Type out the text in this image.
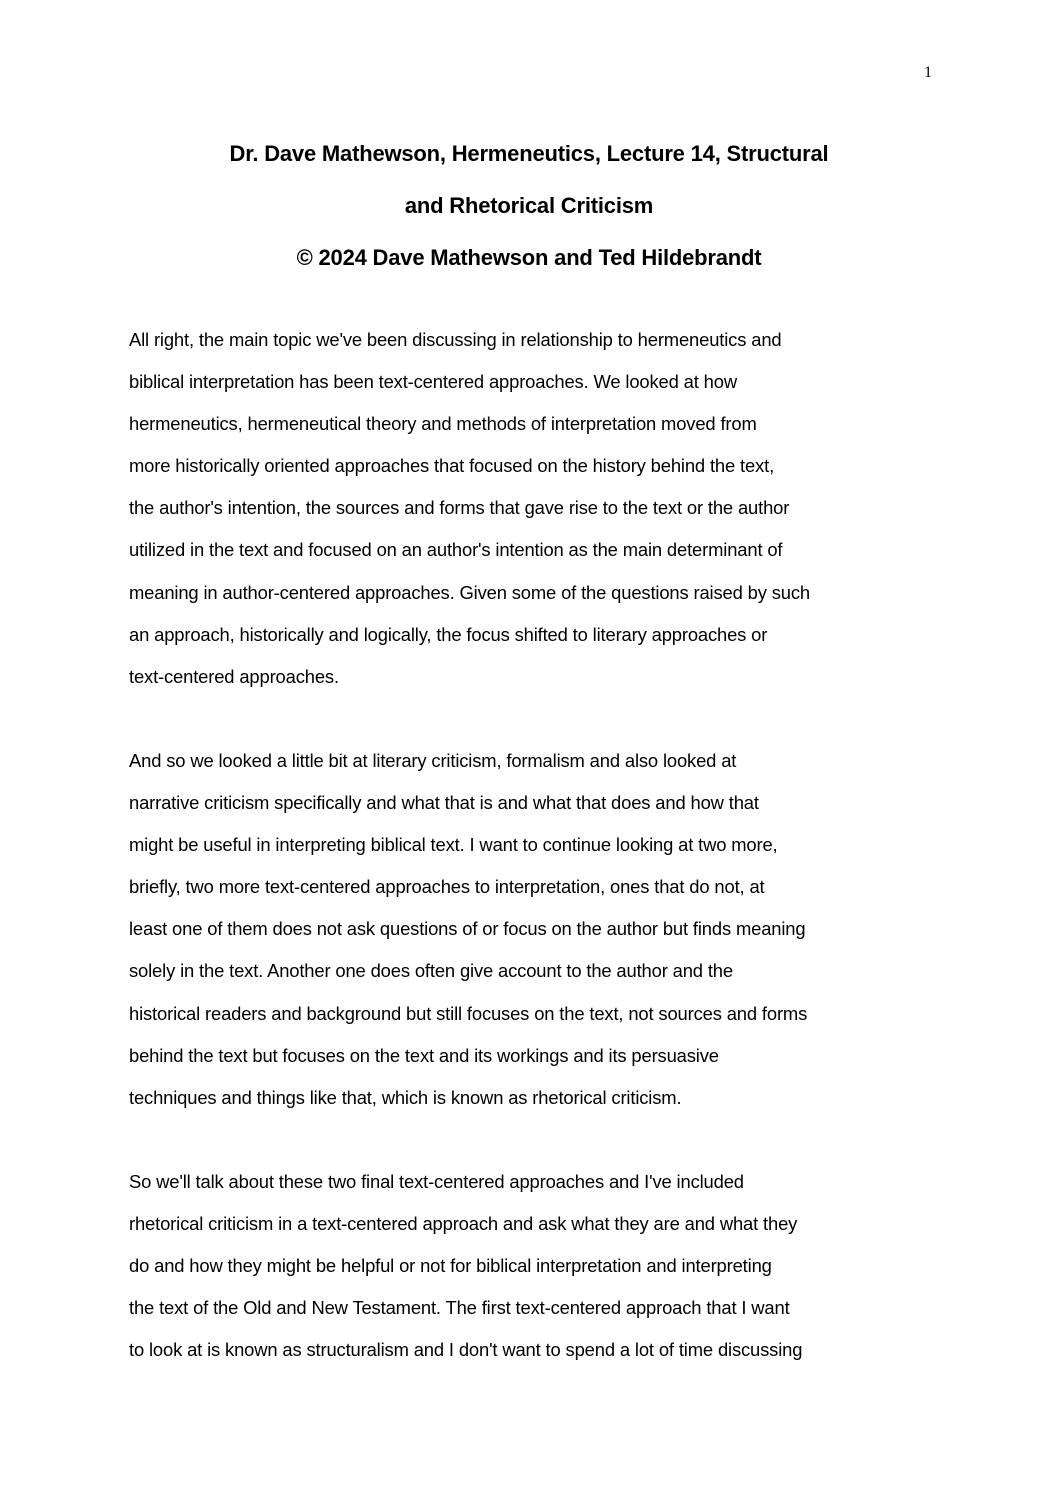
1
Dr. Dave Mathewson, Hermeneutics, Lecture 14, Structural
and Rhetorical Criticism
© 2024 Dave Mathewson and Ted Hildebrandt

All right, the main topic we've been discussing in relationship to hermeneutics and
biblical interpretation has been text-centered approaches. We looked at how
hermeneutics, hermeneutical theory and methods of interpretation moved from
more historically oriented approaches that focused on the history behind the text,
the author's intention, the sources and forms that gave rise to the text or the author
utilized in the text and focused on an author's intention as the main determinant of
meaning in author-centered approaches. Given some of the questions raised by such
an approach, historically and logically, the focus shifted to literary approaches or
text-centered approaches.

And so we looked a little bit at literary criticism, formalism and also looked at
narrative criticism specifically and what that is and what that does and how that
might be useful in interpreting biblical text. I want to continue looking at two more,
briefly, two more text-centered approaches to interpretation, ones that do not, at
least one of them does not ask questions of or focus on the author but finds meaning
solely in the text. Another one does often give account to the author and the
historical readers and background but still focuses on the text, not sources and forms
behind the text but focuses on the text and its workings and its persuasive
techniques and things like that, which is known as rhetorical criticism.

So we'll talk about these two final text-centered approaches and I've included
rhetorical criticism in a text-centered approach and ask what they are and what they
do and how they might be helpful or not for biblical interpretation and interpreting
the text of the Old and New Testament. The first text-centered approach that I want
to look at is known as structuralism and I don't want to spend a lot of time discussing
